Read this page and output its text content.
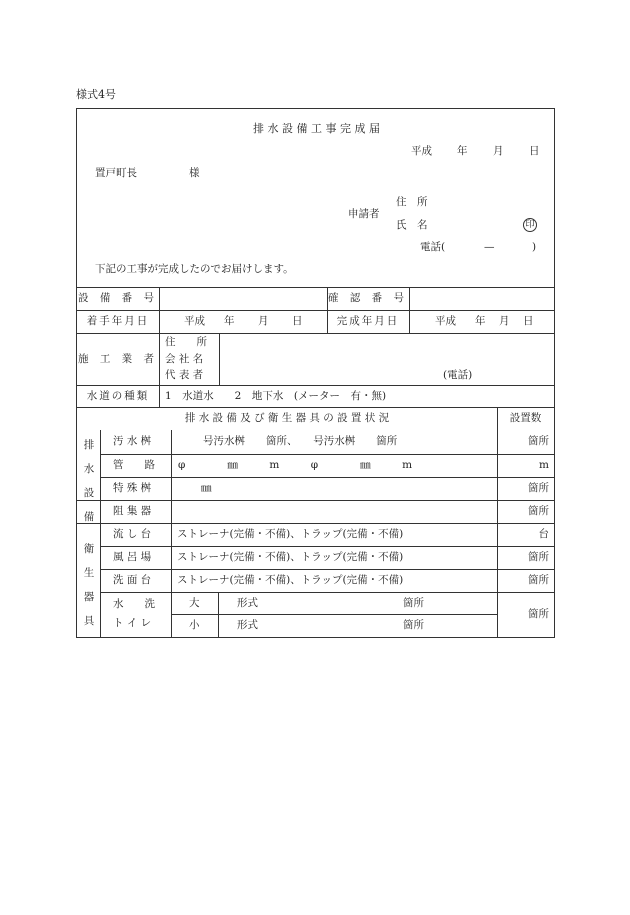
様式4号
排 水 設 備 工 事 完 成 届
平成 年 月 日
置戸町長	様
申請者
住　所
氏　名	印
電話(	—	)
下記の工事が完成したのでお届けします。
設 備 番 号	確 認 番 号
着手年月日	平成 年 月 日	完成年月日	平成 年 月 日
施 工 業 者
住　　所
会 社 名
代 表 者	(電話)
水道の種類	1　水道水　　2　地下水　(メーター　有・無)
排 水 設 備 及 び 衛 生 器 具 の 設 置 状 況	設置数
排
水
設
備
汚 水 桝	号汚水桝　　箇所、　　号汚水桝　　箇所	箇所
管　　路 φ　　　　㎜　　　m　　　φ　　　　㎜　　　m	m
特 殊 桝	㎜	箇所
阻 集 器	箇所
衛
生
器
具
流 し 台 ストレーナ(完備・不備)、トラップ(完備・不備)	台
風 呂 場 ストレーナ(完備・不備)、トラップ(完備・不備)	箇所
洗 面 台 ストレーナ(完備・不備)、トラップ(完備・不備)	箇所
水　　洗
ト イ レ
大	形式	箇所
小	形式	箇所
箇所
